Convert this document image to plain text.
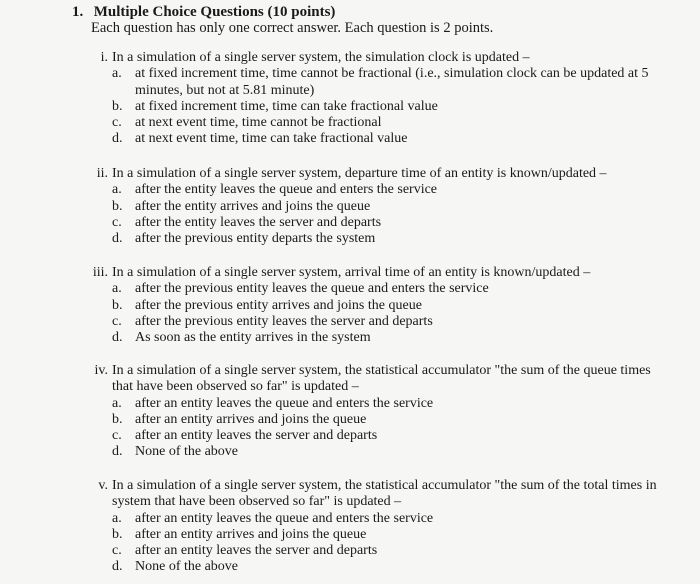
1. Multiple Choice Questions (10 points)
Each question has only one correct answer. Each question is 2 points.
i. In a simulation of a single server system, the simulation clock is updated –
a. at fixed increment time, time cannot be fractional (i.e., simulation clock can be updated at 5 minutes, but not at 5.81 minute)
b. at fixed increment time, time can take fractional value
c. at next event time, time cannot be fractional
d. at next event time, time can take fractional value
ii. In a simulation of a single server system, departure time of an entity is known/updated –
a. after the entity leaves the queue and enters the service
b. after the entity arrives and joins the queue
c. after the entity leaves the server and departs
d. after the previous entity departs the system
iii. In a simulation of a single server system, arrival time of an entity is known/updated –
a. after the previous entity leaves the queue and enters the service
b. after the previous entity arrives and joins the queue
c. after the previous entity leaves the server and departs
d. As soon as the entity arrives in the system
iv. In a simulation of a single server system, the statistical accumulator "the sum of the queue times that have been observed so far" is updated –
a. after an entity leaves the queue and enters the service
b. after an entity arrives and joins the queue
c. after an entity leaves the server and departs
d. None of the above
v. In a simulation of a single server system, the statistical accumulator "the sum of the total times in system that have been observed so far" is updated –
a. after an entity leaves the queue and enters the service
b. after an entity arrives and joins the queue
c. after an entity leaves the server and departs
d. None of the above
